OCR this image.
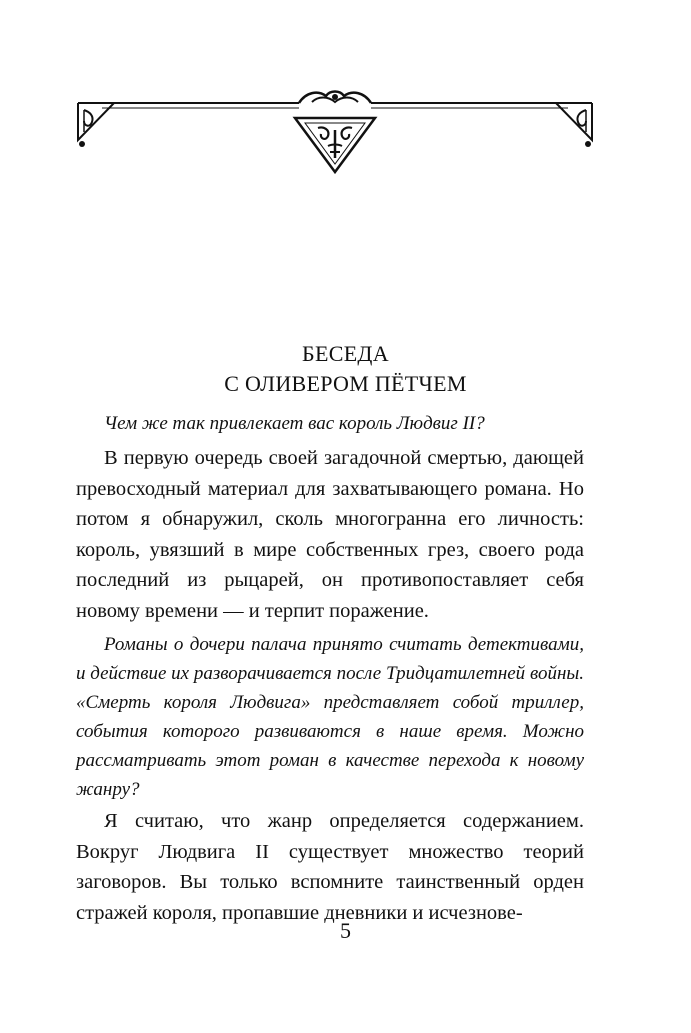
БЕСЕДА
С ОЛИВЕРОМ ПЁТЧЕМ

Чем же так привлекает вас король Людвиг II?

В первую очередь своей загадочной смертью, дающей превосходный материал для захватывающего романа. Но потом я обнаружил, сколь многогранна его личность: король, увязший в мире собственных грез, своего рода последний из рыцарей, он противопоставляет себя новому времени — и терпит поражение.

Романы о дочери палача принято считать детективами, и действие их разворачивается после Тридцатилетней войны. «Смерть короля Людвига» представляет собой триллер, события которого развиваются в наше время. Можно рассматривать этот роман в качестве перехода к новому жанру?

Я считаю, что жанр определяется содержанием. Вокруг Людвига II существует множество теорий заговоров. Вы только вспомните таинственный орден стражей короля, пропавшие дневники и исчезнове-

5
